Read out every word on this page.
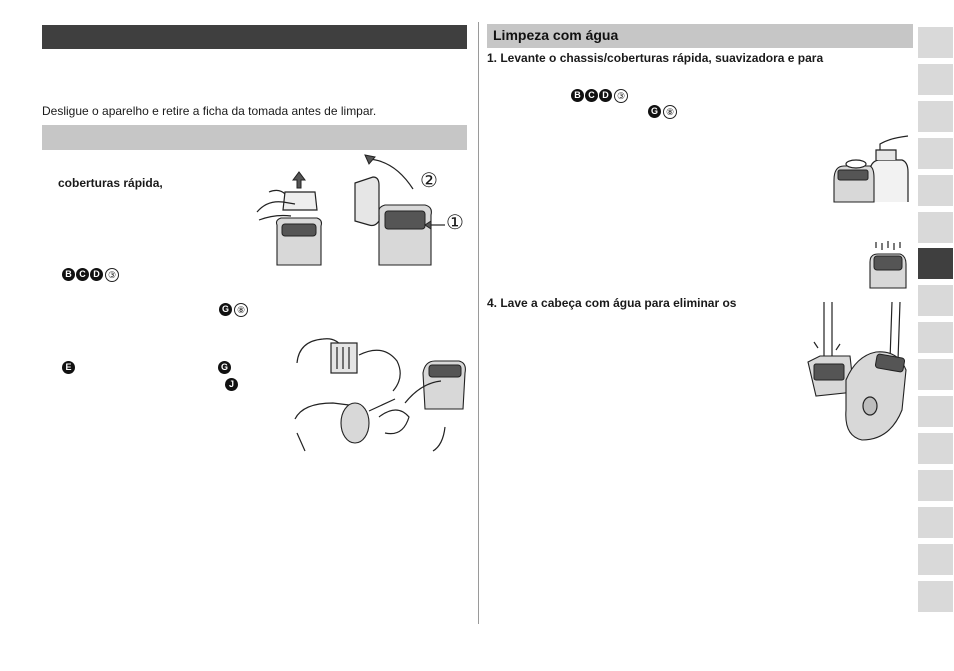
Desligue o aparelho e retire a ficha da tomada antes de limpar.
coberturas rápida,
B C D ③
G ⑧
E	G
J
②
①
Limpeza com água
1. Levante o chassis/coberturas rápida, suavizadora e para
B C D ③
G ⑧
4. Lave a cabeça com água para eliminar os
